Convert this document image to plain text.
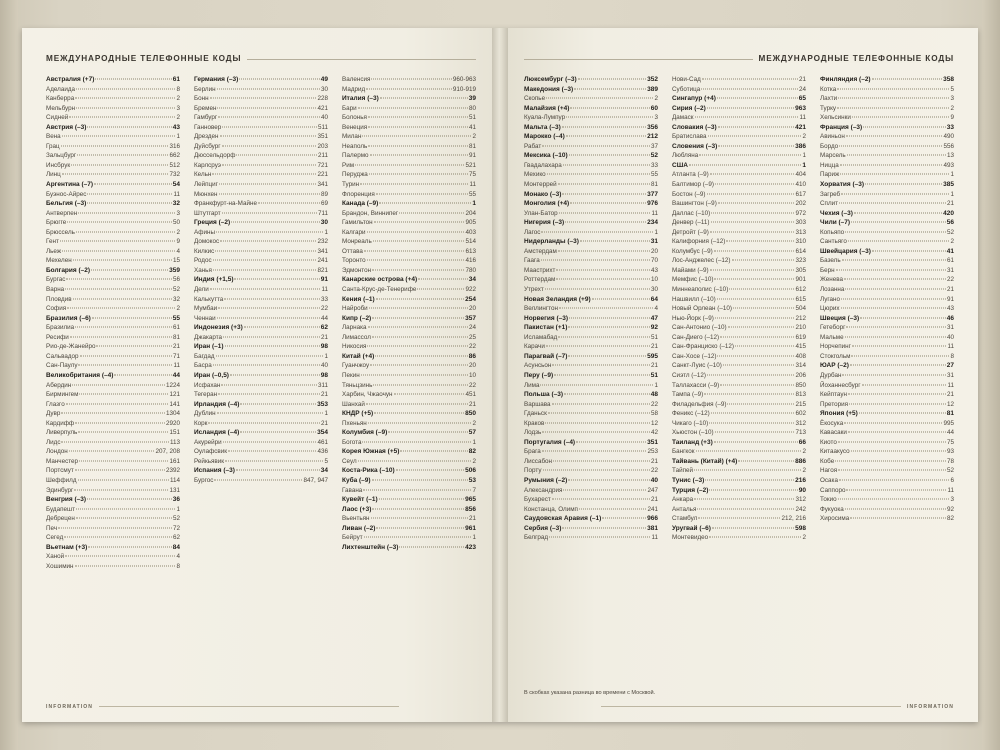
МЕЖДУНАРОДНЫЕ ТЕЛЕФОННЫЕ КОДЫ
Австралия (+7)	61
Аделаида	8
Канберра	2
Мельбурн	3
Сидней	2
Австрия (–3)	43
Вена	1
Грац	316
Зальцбург	662
Инсбрук	512
Линц	732
Аргентина (–7)	54
Буэнос-Айрес	11
Бельгия (–3)	32
Антверпен	3
Брюгге	50
Брюссель	2
Гент	9
Льеж	4
Мехелен	15
Болгария (–2)	359
Бургас	56
Варна	52
Пловдив	32
София	2
Бразилия (–6)	55
Бразилиа	61
Ресифи	81
Рио-де-Жанейро	21
Сальвадор	71
Сан-Паулу	11
Великобритания (–4)	44
Абердин	1224
Бирмингем	121
Глазго	141
Дувр	1304
Кардифф	2920
Ливерпуль	151
Лидс	113
Лондон	207, 208
Манчестер	161
Портсмут	2392
Шеффилд	114
Эдинбург	131
Венгрия (–3)	36
Будапешт	1
Дебрецен	52
Печ	72
Сегед	62
Вьетнам (+3)	84
Ханой	4
Хошимин	8
Германия (–3)	49
Берлин	30
Бонн	228
Бремен	421
Гамбург	40
Ганновер	511
Дрезден	351
Дуйсбург	203
Дюссельдорф	211
Карлсруэ	721
Кельн	221
Лейпциг	341
Мюнхен	89
Франкфурт-на-Майне	69
Штутгарт	711
Греция (–2)	30
Афины	1
Домокос	232
Килкис	341
Родос	241
Ханья	821
Индия (+1,5)	91
Дели	11
Калькутта	33
Мумбаи	22
Ченнаи	44
Индонезия (+3)	62
Джакарта	21
Иран (–1)	98
Багдад	1
Басра	40
Иран (–0,5)	98
Исфахан	311
Тегеран	21
Ирландия (–4)	353
Дублин	1
Корк	21
Исландия (–4)	354
Акурейри	461
Оулафсвик	436
Рейкьявик	5
Испания (–3)	34
Бургос	847, 947
Валенсия	960-963
Мадрид	910-919
Италия (–3)	39
Бари	80
Болонья	51
Венеция	41
Милан	2
Неаполь	81
Палермо	91
Рим	521
Перуджа	75
Турин	11
Флоренция	55
Канада (–9)	1
Брандон, Виннипег	204
Гамильтон	905
Калгари	403
Монреаль	514
Оттава	613
Торонто	416
Эдмонтон	780
Канарские острова (+4)	34
Санта-Крус-де-Тенерифе	922
Кения (–1)	254
Найроби	20
Кипр (–2)	357
Ларнака	24
Лимассол	25
Никосия	22
Китай (+4)	86
Гуанчжоу	20
Пекин	10
Тяньцзинь	22
Харбин, Чжаочун	451
Шанхай	21
КНДР (+5)	850
Пхеньян	2
Колумбия (–9)	57
Богота	1
Корея Южная (+5)	82
Сеул	2
Коста-Рика (–10)	506
Куба (–9)	53
Гавана	7
Кувейт (–1)	965
Лаос (+3)	856
Вьентьян	21
Ливан (–2)	961
Бейрут	1
Лихтенштейн (–3)	423
INFORMATION
МЕЖДУНАРОДНЫЕ ТЕЛЕФОННЫЕ КОДЫ
Люксембург (–3)	352
Македония (–3)	389
Скопье	2
Малайзия (+4)	60
Куала-Лумпур	3
Мальта (–3)	356
Марокко (–4)	212
Рабат	37
Мексика (–10)	52
Гвадалахара	33
Мехико	55
Монтеррей	81
Монако (–3)	377
Монголия (+4)	976
Улан-Батор	11
Нигерия (–3)	234
Лагос	1
Нидерланды (–3)	31
Амстердам	20
Гаага	70
Маастрихт	43
Роттердам	10
Утрехт	30
Новая Зеландия (+9)	64
Веллингтон	4
Норвегия (–3)	47
Пакистан (+1)	92
Исламабад	51
Карачи	21
Парагвай (–7)	595
Асунсьон	21
Перу (–9)	51
Лима	1
Польша (–3)	48
Варшава	22
Гданьск	58
Краков	12
Лодзь	42
Португалия (–4)	351
Брага	253
Лиссабон	21
Порту	22
Румыния (–2)	40
Александрия	247
Бухарест	21
Констанца, Олимп	241
Саудовская Аравия (–1)	966
Сербия (–3)	381
Белград	11
Нови-Сад	21
Суботица	24
Сингапур (+4)	65
Сирия (–2)	963
Дамаск	11
Словакия (–3)	421
Братислава	2
Словения (–3)	386
Любляна	1
США	1
Атланта (–9)	404
Балтимор (–9)	410
Бостон (–9)	617
Вашингтон (–9)	202
Даллас (–10)	972
Денвер (–11)	303
Детройт (–9)	313
Калифорния (–12)	310
Колумбус (–9)	614
Лос-Анджелес (–12)	323
Майами (–9)	305
Мемфис (–10)	901
Миннеаполис (–10)	612
Нашвилл (–10)	615
Новый Орлеан (–10)	504
Нью-Йорк (–9)	212
Сан-Антонио (–10)	210
Сан-Диего (–12)	619
Сан-Франциско (–12)	415
Сан-Хосе (–12)	408
Санкт-Луис (–10)	314
Сиэтл (–12)	206
Таллахасси (–9)	850
Тампа (–9)	813
Филадельфия (–9)	215
Феникс (–12)	602
Чикаго (–10)	312
Хьюстон (–10)	713
Таиланд (+3)	66
Бангкок	2
Тайвань (Китай) (+4)	886
Тайпей	2
Тунис (–3)	216
Турция (–2)	90
Анкара	312
Анталья	242
Стамбул	212, 216
Уругвай (–6)	598
Монтевидео	2
Финляндия (–2)	358
Котка	5
Лахти	3
Турку	2
Хельсинки	9
Франция (–3)	33
Авиньон	490
Бордо	556
Марсель	13
Ницца	493
Париж	1
Хорватия (–3)	385
Загреб	1
Сплит	21
Чехия (–3)	420
Чили (–7)	56
Копьяпо	52
Сантьяго	2
Швейцария (–3)	41
Базель	61
Берн	31
Женева	22
Лозанна	21
Лугано	91
Цюрих	43
Швеция (–3)	46
Гетеборг	31
Мальме	40
Норчепинг	11
Стокгольм	8
ЮАР (–2)	27
Дурбан	31
Йоханнесбург	11
Кейптаун	21
Претория	12
Япония (+5)	81
Ёкосука	995
Кавасаки	44
Киото	75
Китаакусо	93
Кобе	78
Нагоя	52
Осака	6
Саппоро	11
Токио	3
Фукуока	92
Хиросима	82
В скобках указана разница во времени с Москвой.
INFORMATION
